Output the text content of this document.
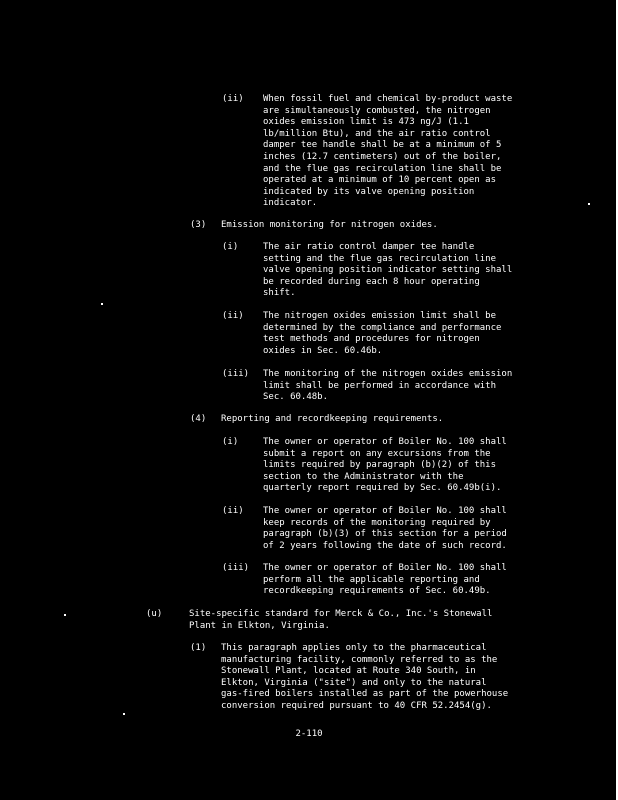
(ii) When fossil fuel and chemical by-product waste
are simultaneously combusted, the nitrogen
oxides emission limit is 473 ng/J (1.1
lb/million Btu), and the air ratio control
damper tee handle shall be at a minimum of 5
inches (12.7 centimeters) out of the boiler,
and the flue gas recirculation line shall be
operated at a minimum of 10 percent open as
indicated by its valve opening position
indicator.

(3) Emission monitoring for nitrogen oxides.

(i)	The air ratio control damper tee handle
setting and the flue gas recirculation line
valve opening position indicator setting shall
be recorded during each 8 hour operating
shift.

(ii) The nitrogen oxides emission limit shall be
determined by the compliance and performance
test methods and procedures for nitrogen
oxides in Sec. 60.46b.

(iii) The monitoring of the nitrogen oxides emission
limit shall be performed in accordance with
Sec. 60.48b.

(4) Reporting and recordkeeping requirements.

(i)	The owner or operator of Boiler No. 100 shall
submit a report on any excursions from the
limits required by paragraph (b)(2) of this
section to the Administrator with the
quarterly report required by Sec. 60.49b(i).

(ii) The owner or operator of Boiler No. 100 shall
keep records of the monitoring required by
paragraph (b)(3) of this section for a period
of 2 years following the date of such record.

(iii) The owner or operator of Boiler No. 100 shall
perform all the applicable reporting and
recordkeeping requirements of Sec. 60.49b.

(u)	Site-specific standard for Merck & Co., Inc.'s Stonewall
Plant in Elkton, Virginia.

(1) This paragraph applies only to the pharmaceutical
manufacturing facility, commonly referred to as the
Stonewall Plant, located at Route 340 South, in
Elkton, Virginia ("site") and only to the natural
gas-fired boilers installed as part of the powerhouse
conversion required pursuant to 40 CFR 52.2454(g).

2-110
